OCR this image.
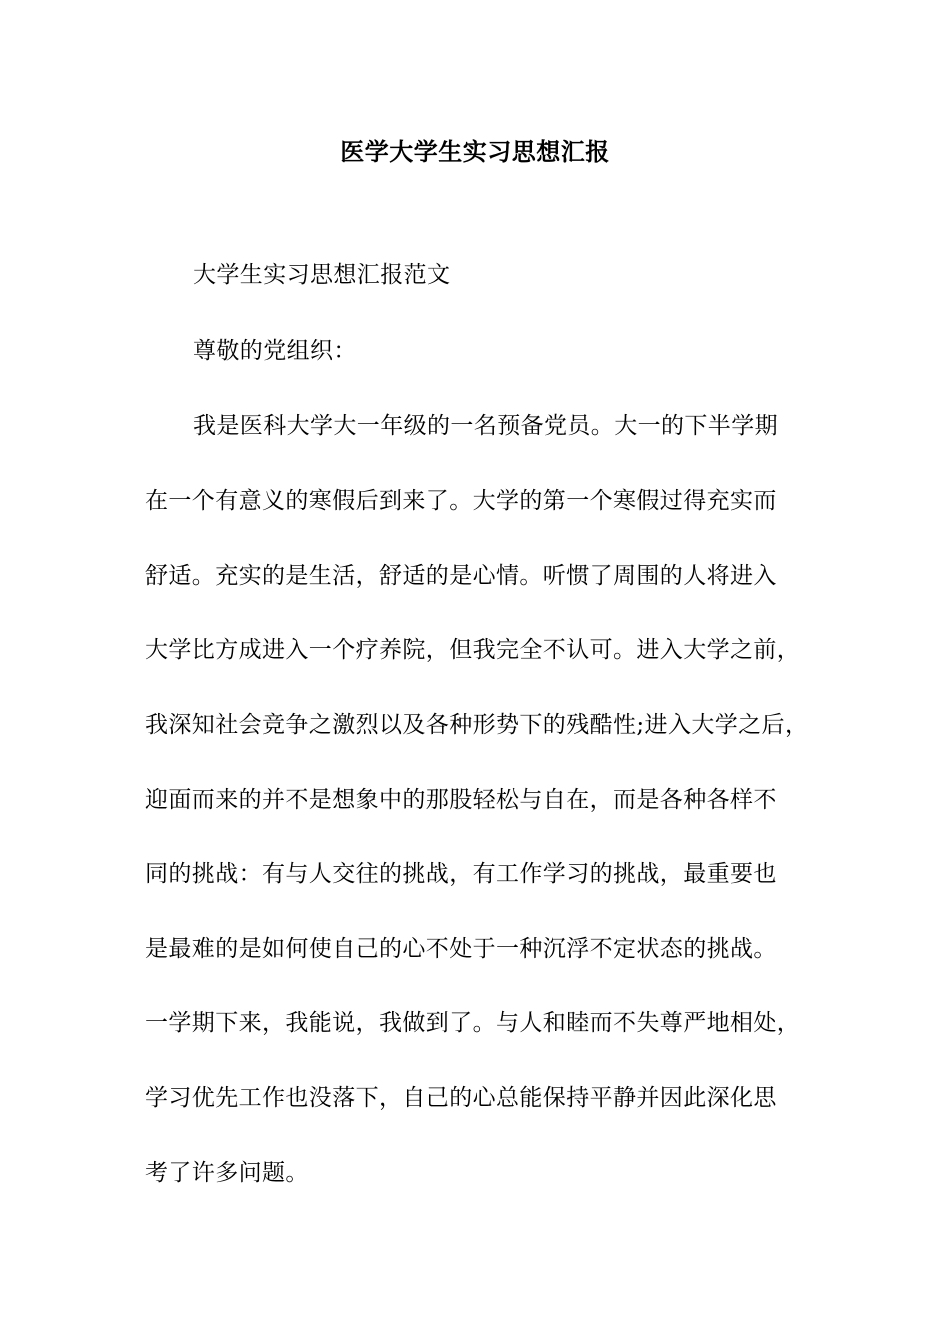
医学大学生实习思想汇报
大学生实习思想汇报范文
尊敬的党组织：
我是医科大学大一年级的一名预备党员。大一的下半学期
在一个有意义的寒假后到来了。大学的第一个寒假过得充实而
舒适。充实的是生活，舒适的是心情。听惯了周围的人将进入
大学比方成进入一个疗养院，但我完全不认可。进入大学之前，
我深知社会竞争之激烈以及各种形势下的残酷性;进入大学之后，
迎面而来的并不是想象中的那股轻松与自在，而是各种各样不
同的挑战：有与人交往的挑战，有工作学习的挑战，最重要也
是最难的是如何使自己的心不处于一种沉浮不定状态的挑战。
一学期下来，我能说，我做到了。与人和睦而不失尊严地相处，
学习优先工作也没落下，自己的心总能保持平静并因此深化思
考了许多问题。
